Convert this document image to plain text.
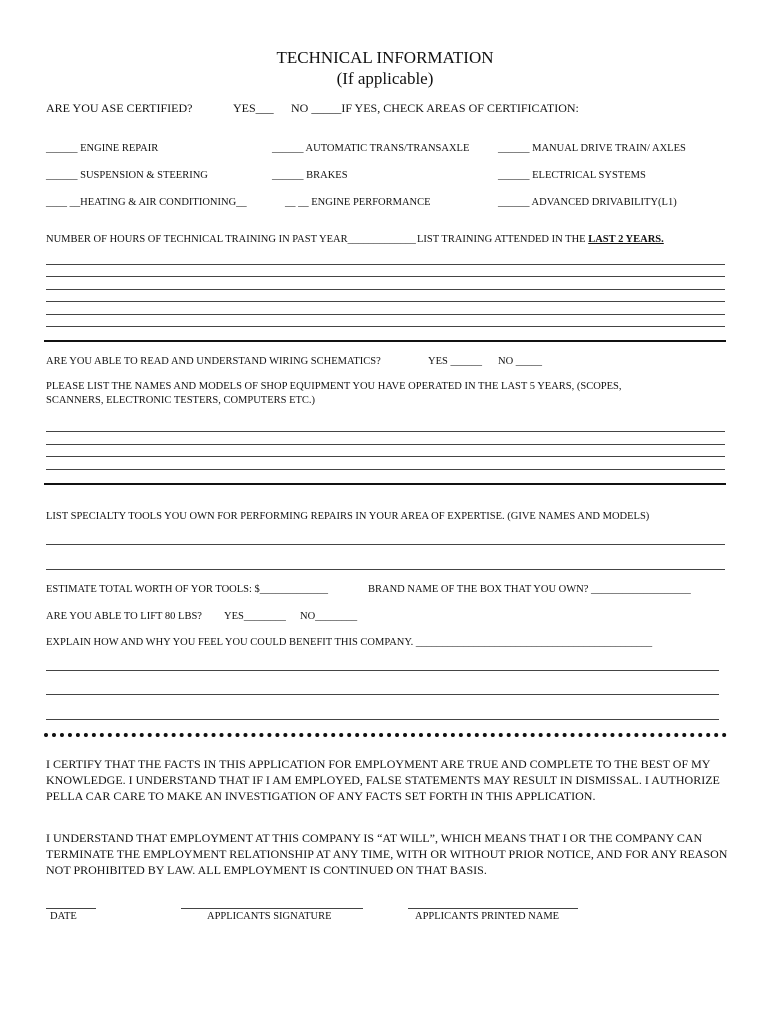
TECHNICAL INFORMATION
(If applicable)
ARE YOU ASE CERTIFIED?	YES___ NO _____IF YES, CHECK AREAS OF CERTIFICATION:
______ ENGINE REPAIR	______ AUTOMATIC TRANS/TRANSAXLE	______ MANUAL DRIVE TRAIN/ AXLES
______ SUSPENSION & STEERING	______ BRAKES	______ ELECTRICAL SYSTEMS
____ __HEATING & AIR CONDITIONING__	__ __ ENGINE PERFORMANCE	______ ADVANCED DRIVABILITY(L1)
NUMBER OF HOURS OF TECHNICAL TRAINING IN PAST YEAR_____________ LIST TRAINING ATTENDED IN THE LAST 2 YEARS.
ARE YOU ABLE TO READ AND UNDERSTAND WIRING SCHEMATICS?	YES ______ NO _____
PLEASE LIST THE NAMES AND MODELS OF SHOP EQUIPMENT YOU HAVE OPERATED IN THE LAST 5 YEARS, (SCOPES,
SCANNERS, ELECTRONIC TESTERS, COMPUTERS ETC.)
LIST SPECIALTY TOOLS YOU OWN FOR PERFORMING REPAIRS IN YOUR AREA OF EXPERTISE. (GIVE NAMES AND MODELS)
ESTIMATE TOTAL WORTH OF YOR TOOLS: $_____________	BRAND NAME OF THE BOX THAT YOU OWN? ___________________
ARE YOU ABLE TO LIFT 80 LBS? YES________ NO________
EXPLAIN HOW AND WHY YOU FEEL YOU COULD BENEFIT THIS COMPANY. _____________________________________________
I CERTIFY THAT THE FACTS IN THIS APPLICATION FOR EMPLOYMENT ARE TRUE AND COMPLETE TO THE BEST OF MY KNOWLEDGE. I UNDERSTAND THAT IF I AM EMPLOYED, FALSE STATEMENTS MAY RESULT IN DISMISSAL. I AUTHORIZE PELLA CAR CARE TO MAKE AN INVESTIGATION OF ANY FACTS SET FORTH IN THIS APPLICATION.
I UNDERSTAND THAT EMPLOYMENT AT THIS COMPANY IS “AT WILL”, WHICH MEANS THAT I OR THE COMPANY CAN TERMINATE THE EMPLOYMENT RELATIONSHIP AT ANY TIME, WITH OR WITHOUT PRIOR NOTICE, AND FOR ANY REASON NOT PROHIBITED BY LAW. ALL EMPLOYMENT IS CONTINUED ON THAT BASIS.
DATE	APPLICANTS SIGNATURE	APPLICANTS PRINTED NAME
